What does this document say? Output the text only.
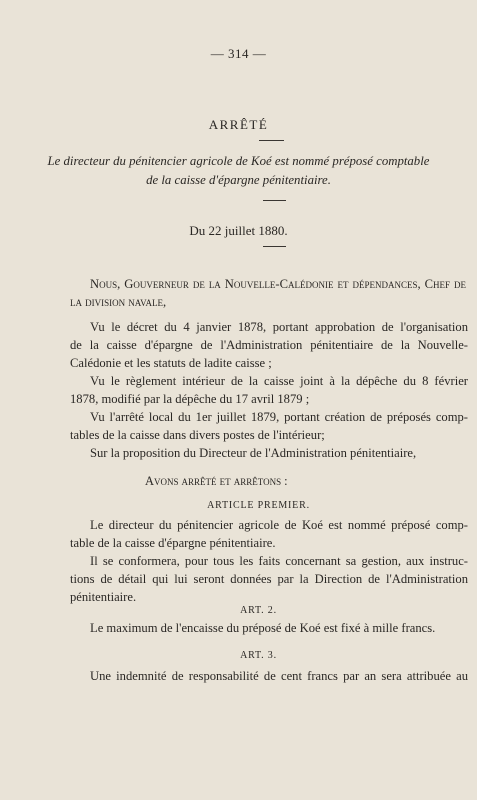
— 314 —
ARRÊTÉ
Le directeur du pénitencier agricole de Koé est nommé préposé comptable
de la caisse d'épargne pénitentiaire.
Du 22 juillet 1880.
Nous, Gouverneur de la Nouvelle-Calédonie et dépendances, Chef de
la division navale,
Vu le décret du 4 janvier 1878, portant approbation de l'organisation
de la caisse d'épargne de l'Administration pénitentiaire de la Nouvelle-
Calédonie et les statuts de ladite caisse ;
Vu le règlement intérieur de la caisse joint à la dépêche du 8 février
1878, modifié par la dépêche du 17 avril 1879 ;
Vu l'arrêté local du 1er juillet 1879, portant création de préposés comp-
tables de la caisse dans divers postes de l'intérieur;
Sur la proposition du Directeur de l'Administration pénitentiaire,
Avons arrêté et arrêtons :
ARTICLE PREMIER.
Le directeur du pénitencier agricole de Koé est nommé préposé comp-
table de la caisse d'épargne pénitentiaire.
Il se conformera, pour tous les faits concernant sa gestion, aux instruc-
tions de détail qui lui seront données par la Direction de l'Administration
pénitentiaire.
ART. 2.
Le maximum de l'encaisse du préposé de Koé est fixé à mille francs.
ART. 3.
Une indemnité de responsabilité de cent francs par an sera attribuée au
